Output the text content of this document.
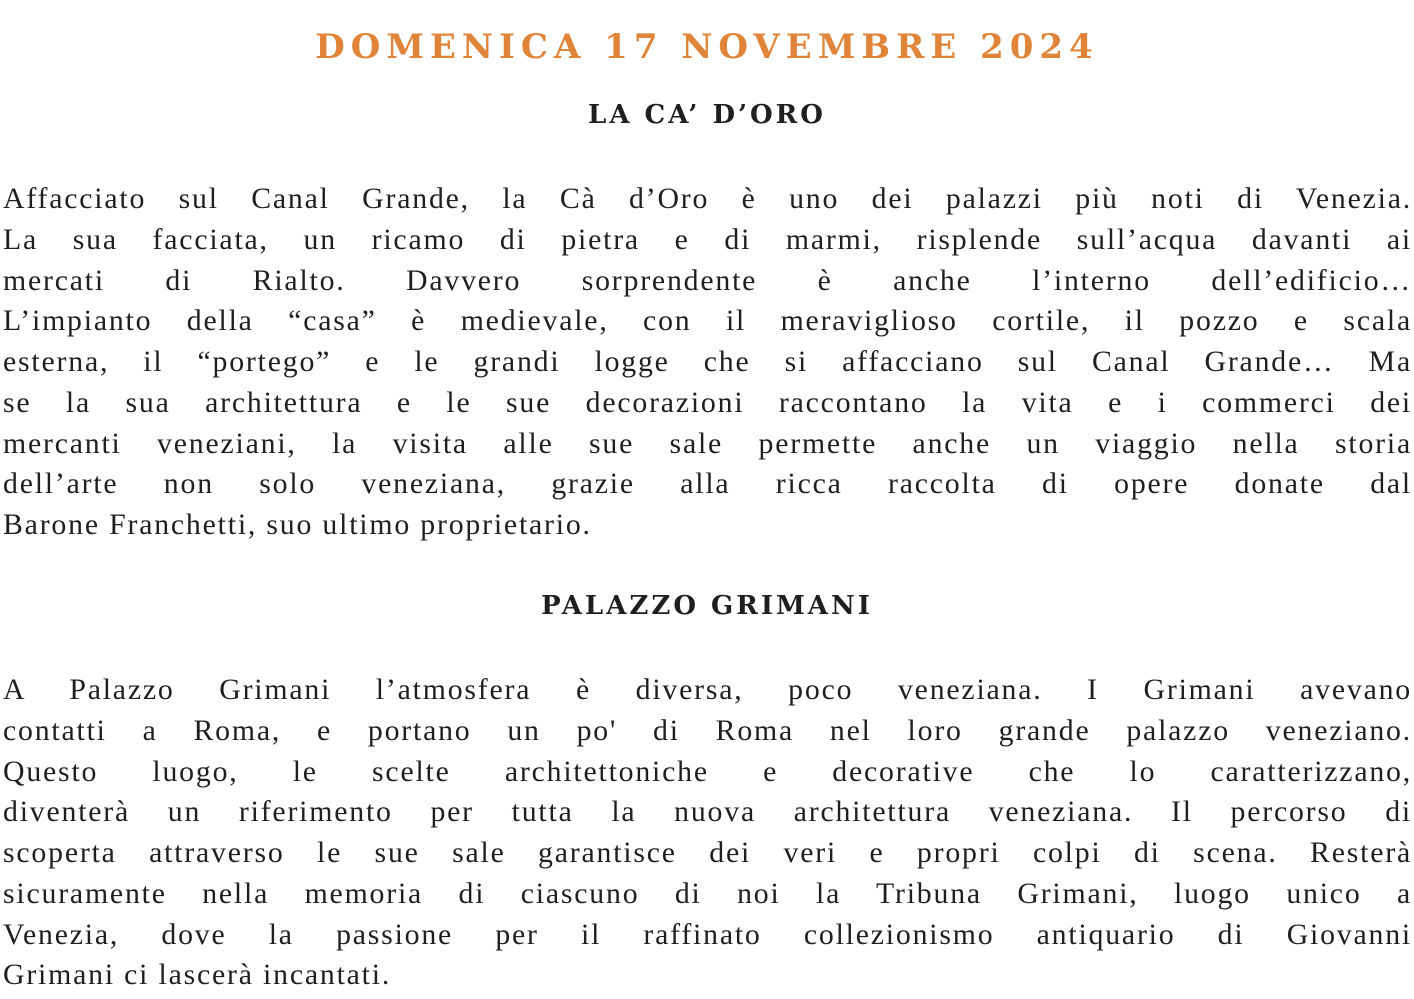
DOMENICA 17 NOVEMBRE 2024
LA CA’ D’ORO
Affacciato sul Canal Grande, la Cà d’Oro è uno dei palazzi più noti di Venezia.
La sua facciata, un ricamo di pietra e di marmi, risplende sull’acqua davanti ai
mercati di Rialto. Davvero sorprendente è anche l’interno dell’edificio…
L’impianto della “casa” è medievale, con il meraviglioso cortile, il pozzo e scala
esterna, il “portego” e le grandi logge che si affacciano sul Canal Grande… Ma
se la sua architettura e le sue decorazioni raccontano la vita e i commerci dei
mercanti veneziani, la visita alle sue sale permette anche un viaggio nella storia
dell’arte non solo veneziana, grazie alla ricca raccolta di opere donate dal
Barone Franchetti, suo ultimo proprietario.
PALAZZO GRIMANI
A Palazzo Grimani l’atmosfera è diversa, poco veneziana. I Grimani avevano
contatti a Roma, e portano un po' di Roma nel loro grande palazzo veneziano.
Questo luogo, le scelte architettoniche e decorative che lo caratterizzano,
diventerà un riferimento per tutta la nuova architettura veneziana. Il percorso di
scoperta attraverso le sue sale garantisce dei veri e propri colpi di scena. Resterà
sicuramente nella memoria di ciascuno di noi la Tribuna Grimani, luogo unico a
Venezia, dove la passione per il raffinato collezionismo antiquario di Giovanni
Grimani ci lascerà incantati.
